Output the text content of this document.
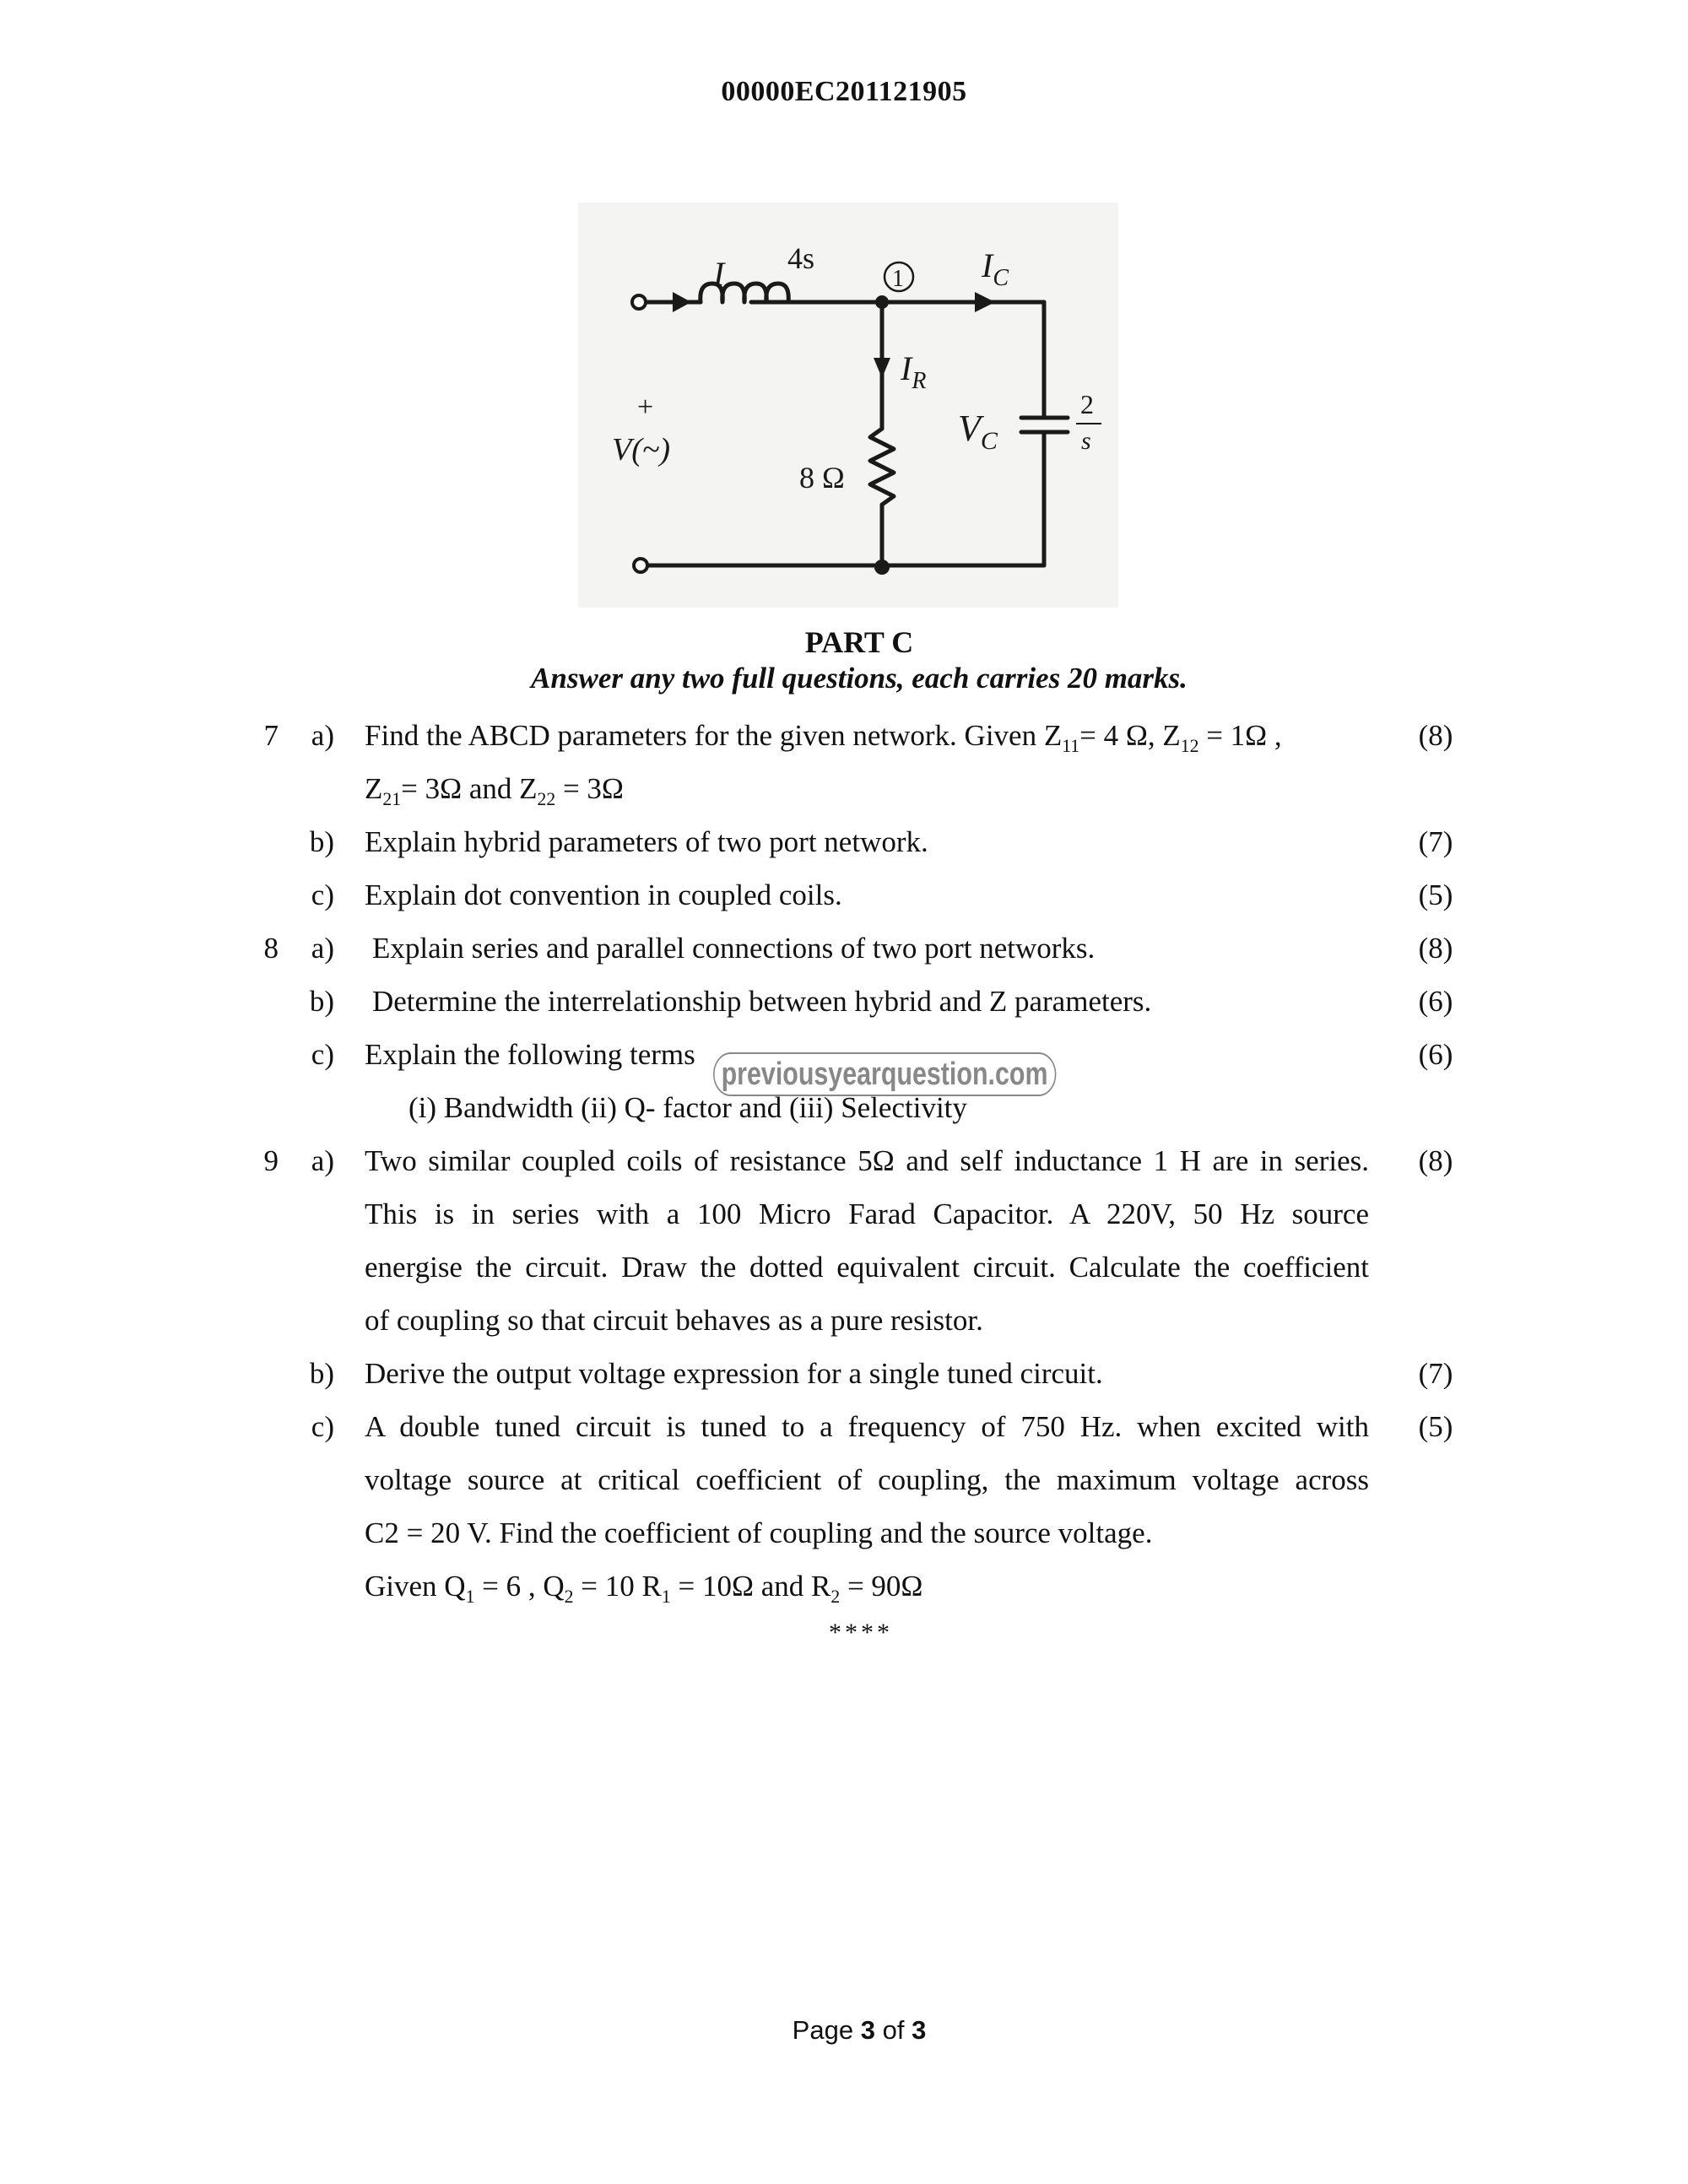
00000EC201121905
I 4s
1 $I_C$
$I_R$
+
V(~)
8 Ω
$V_C$
2
s
PART C
Answer any two full questions, each carries 20 marks.
7	a) Find the ABCD parameters for the given network. Given $Z_{11}= 4$ Ω, $Z_{12} = 1\Omega$ ,	(8)
$Z_{21}= 3\Omega$ and $Z_{22} = 3\Omega$
b) Explain hybrid parameters of two port network.	(7)
c) Explain dot convention in coupled coils.	(5)
8	a) Explain series and parallel connections of two port networks.	(8)
b) Determine the interrelationship between hybrid and Z parameters.	(6)
c) Explain the following terms	(6)
(i) Bandwidth (ii) Q- factor and (iii) Selectivity
previousyearquestion.com
9	a) Two similar coupled coils of resistance 5Ω and self inductance 1 H are in series.	(8)
This is in series with a 100 Micro Farad Capacitor. A 220V, 50 Hz source
energise the circuit. Draw the dotted equivalent circuit. Calculate the coefficient
of coupling so that circuit behaves as a pure resistor.
b) Derive the output voltage expression for a single tuned circuit.	(7)
c) A double tuned circuit is tuned to a frequency of 750 Hz. when excited with	(5)
voltage source at critical coefficient of coupling, the maximum voltage across
C2 = 20 V. Find the coefficient of coupling and the source voltage.
Given $Q_1 = 6$ , $Q_2 = 10$ $R_1 = 10\Omega$ and $R_2 = 90\Omega$
****
Page 3 of 3
